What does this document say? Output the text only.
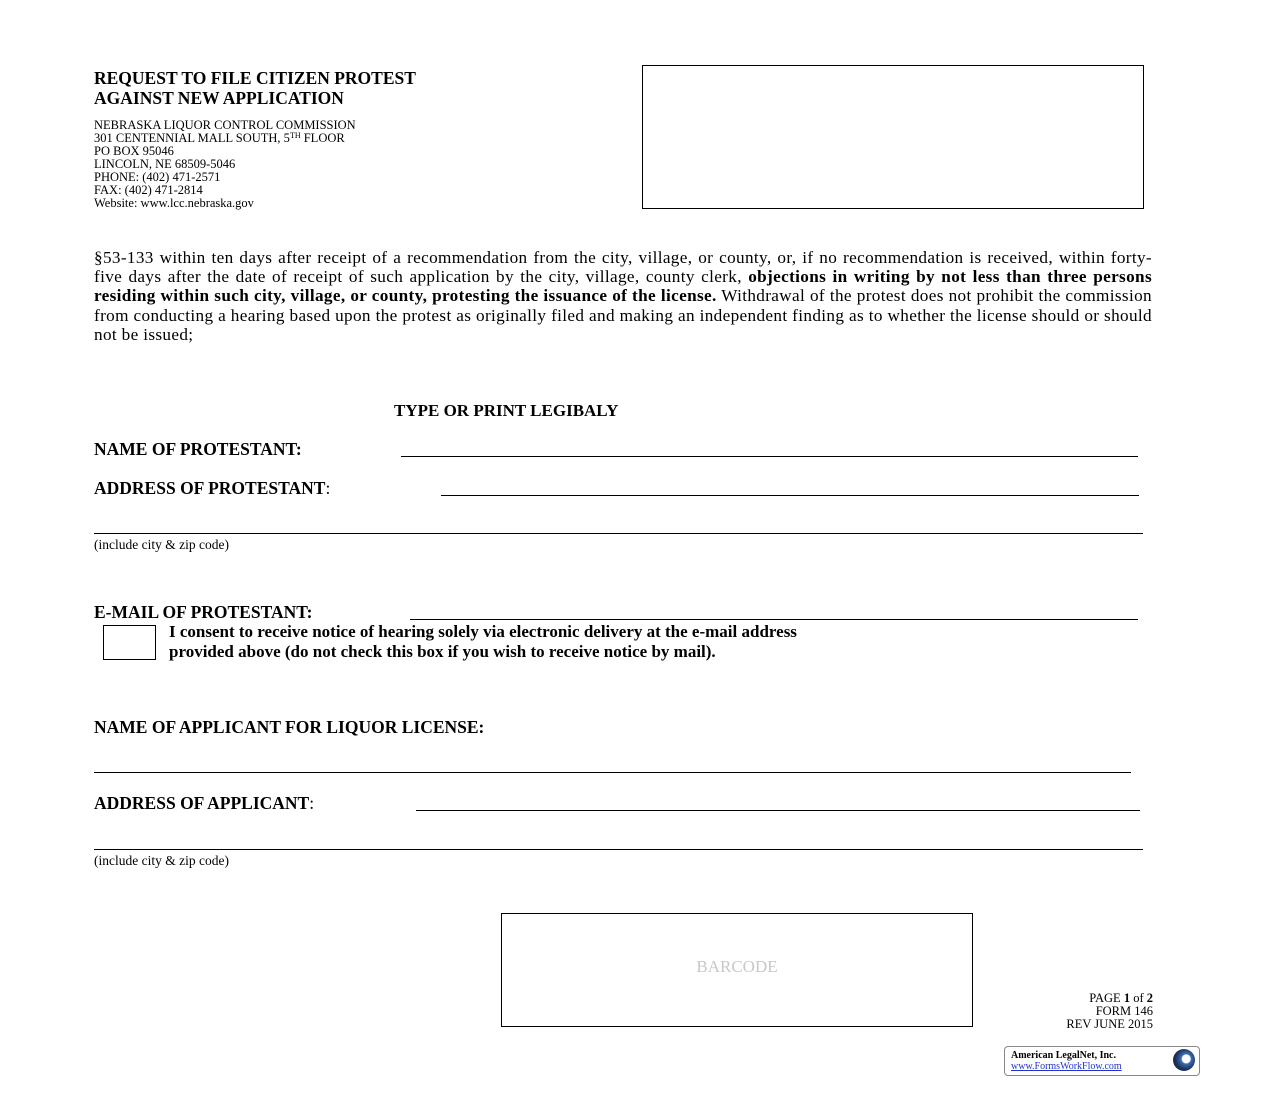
REQUEST TO FILE CITIZEN PROTEST
AGAINST NEW APPLICATION
NEBRASKA LIQUOR CONTROL COMMISSION
301 CENTENNIAL MALL SOUTH, 5TH FLOOR
PO BOX 95046
LINCOLN, NE 68509-5046
PHONE: (402) 471-2571
FAX: (402) 471-2814
Website: www.lcc.nebraska.gov
§53-133 within ten days after receipt of a recommendation from the city, village, or county, or, if no recommendation is received, within forty-five days after the date of receipt of such application by the city, village, county clerk, objections in writing by not less than three persons residing within such city, village, or county, protesting the issuance of the license. Withdrawal of the protest does not prohibit the commission from conducting a hearing based upon the protest as originally filed and making an independent finding as to whether the license should or should not be issued;
TYPE OR PRINT LEGIBALY
NAME OF PROTESTANT:
ADDRESS OF PROTESTANT:
(include city & zip code)
E-MAIL OF PROTESTANT:
I consent to receive notice of hearing solely via electronic delivery at the e-mail address
provided above (do not check this box if you wish to receive notice by mail).
NAME OF APPLICANT FOR LIQUOR LICENSE:
ADDRESS OF APPLICANT:
(include city & zip code)
BARCODE
PAGE 1 of 2
FORM 146
REV JUNE 2015
American LegalNet, Inc.
www.FormsWorkFlow.com
